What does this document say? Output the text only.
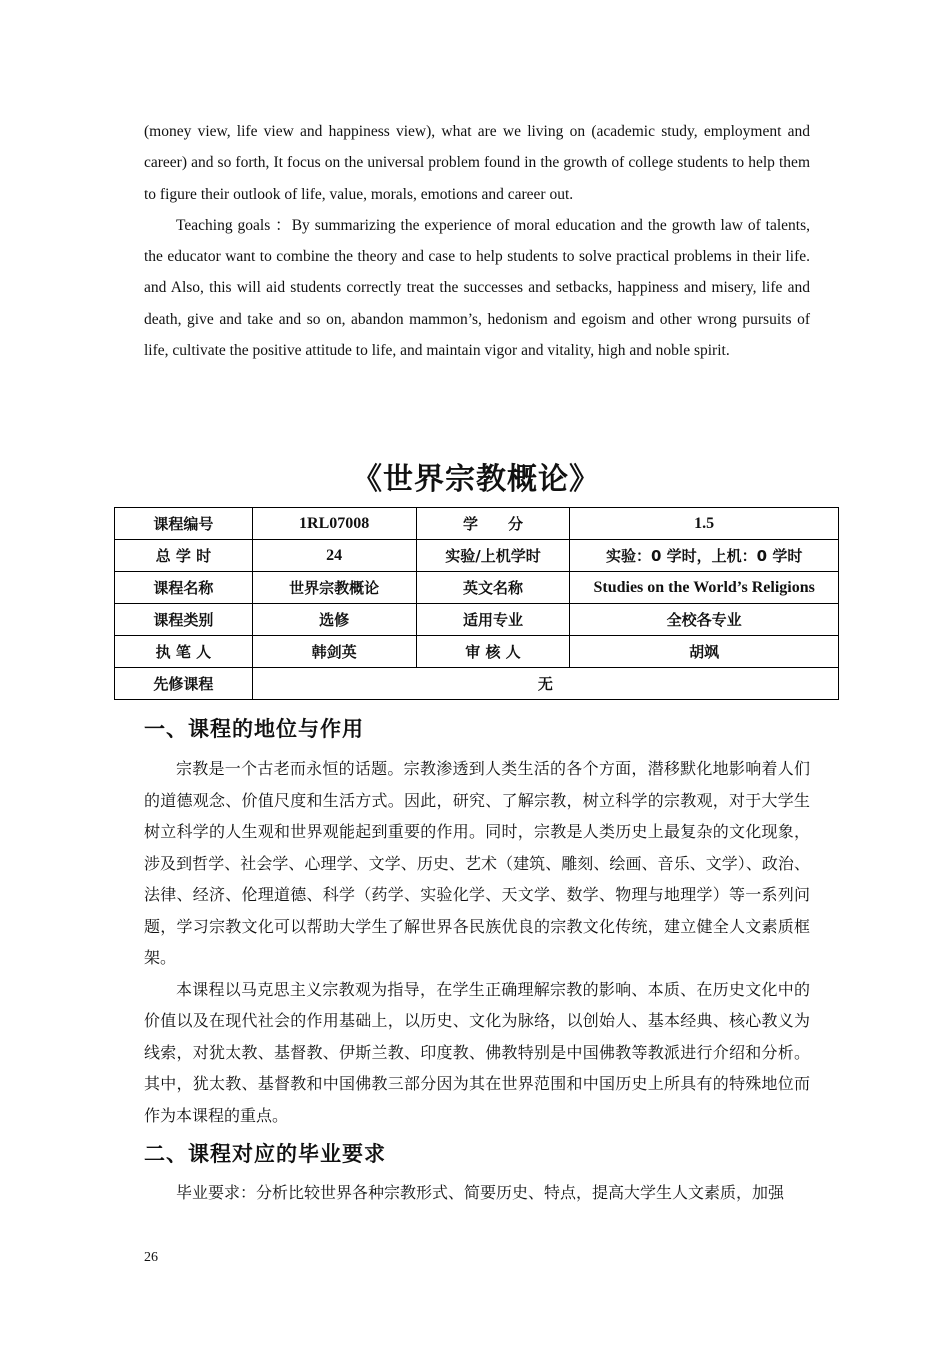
(money view, life view and happiness view), what are we living on (academic study, employment and career) and so forth, It focus on the universal problem found in the growth of college students to help them to figure their outlook of life, value, morals, emotions and career out.

Teaching goals ：By summarizing the experience of moral education and the growth law of talents, the educator want to combine the theory and case to help students to solve practical problems in their life. and Also, this will aid students correctly treat the successes and setbacks, happiness and misery, life and death, give and take and so on, abandon mammon’s, hedonism and egoism and other wrong pursuits of life, cultivate the positive attitude to life, and maintain vigor and vitality, high and noble spirit.

《世界宗教概论》
课程编号	1RL07008	学　　分	1.5
总 学 时	24	实验/上机学时	实验：0 学时，上机：0 学时
课程名称	世界宗教概论	英文名称	Studies on the World’s Religions
课程类别	选修	适用专业	全校各专业
执 笔 人	韩剑英	审 核 人	胡飒
先修课程	无		
一、课程的地位与作用

宗教是一个古老而永恒的话题。宗教渗透到人类生活的各个方面，潜移默化地影响着人们的道德观念、价值尺度和生活方式。因此，研究、了解宗教，树立科学的宗教观，对于大学生树立科学的人生观和世界观能起到重要的作用。同时，宗教是人类历史上最复杂的文化现象，涉及到哲学、社会学、心理学、文学、历史、艺术（建筑、雕刻、绘画、音乐、文学）、政治、法律、经济、伦理道德、科学（药学、实验化学、天文学、数学、物理与地理学）等一系列问题，学习宗教文化可以帮助大学生了解世界各民族优良的宗教文化传统，建立健全人文素质框架。

本课程以马克思主义宗教观为指导，在学生正确理解宗教的影响、本质、在历史文化中的价值以及在现代社会的作用基础上，以历史、文化为脉络，以创始人、基本经典、核心教义为线索，对犹太教、基督教、伊斯兰教、印度教、佛教特别是中国佛教等教派进行介绍和分析。其中，犹太教、基督教和中国佛教三部分因为其在世界范围和中国历史上所具有的特殊地位而作为本课程的重点。

二、课程对应的毕业要求

毕业要求：分析比较世界各种宗教形式、简要历史、特点，提高大学生人文素质，加强

26
